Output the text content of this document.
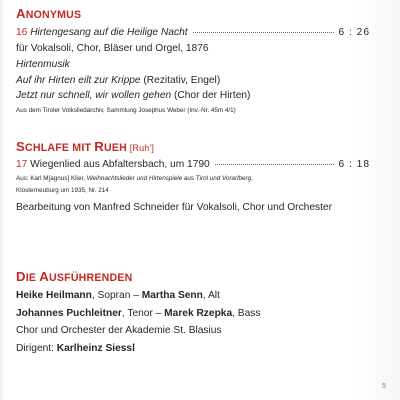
ANONYMUS

16 Hirtengesang auf die Heilige Nacht	6 : 26
für Vokalsoli, Chor, Bläser und Orgel, 1876
Hirtenmusik
Auf ihr Hirten eilt zur Krippe (Rezitativ, Engel)
Jetzt nur schnell, wir wollen gehen (Chor der Hirten)
Aus dem Tiroler Volksliedarchiv, Sammlung Josephus Weber (Inv.-Nr. 45m 4/1)

SCHLAFE MIT RUEH [Ruh']

17 Wiegenlied aus Abfaltersbach, um 1790	6 : 18
Aus: Karl M[agnus] Klier, Weihnachtslieder und Hirtenspiele aus Tirol und Vorarlberg,
Klosterneuburg um 1935, Nr. 214
Bearbeitung von Manfred Schneider für Vokalsoli, Chor und Orchester

DIE AUSFÜHRENDEN

Heike Heilmann, Sopran – Martha Senn, Alt
Johannes Puchleitner, Tenor – Marek Rzepka, Bass
Chor und Orchester der Akademie St. Blasius
Dirigent: Karlheinz Siessl
5
